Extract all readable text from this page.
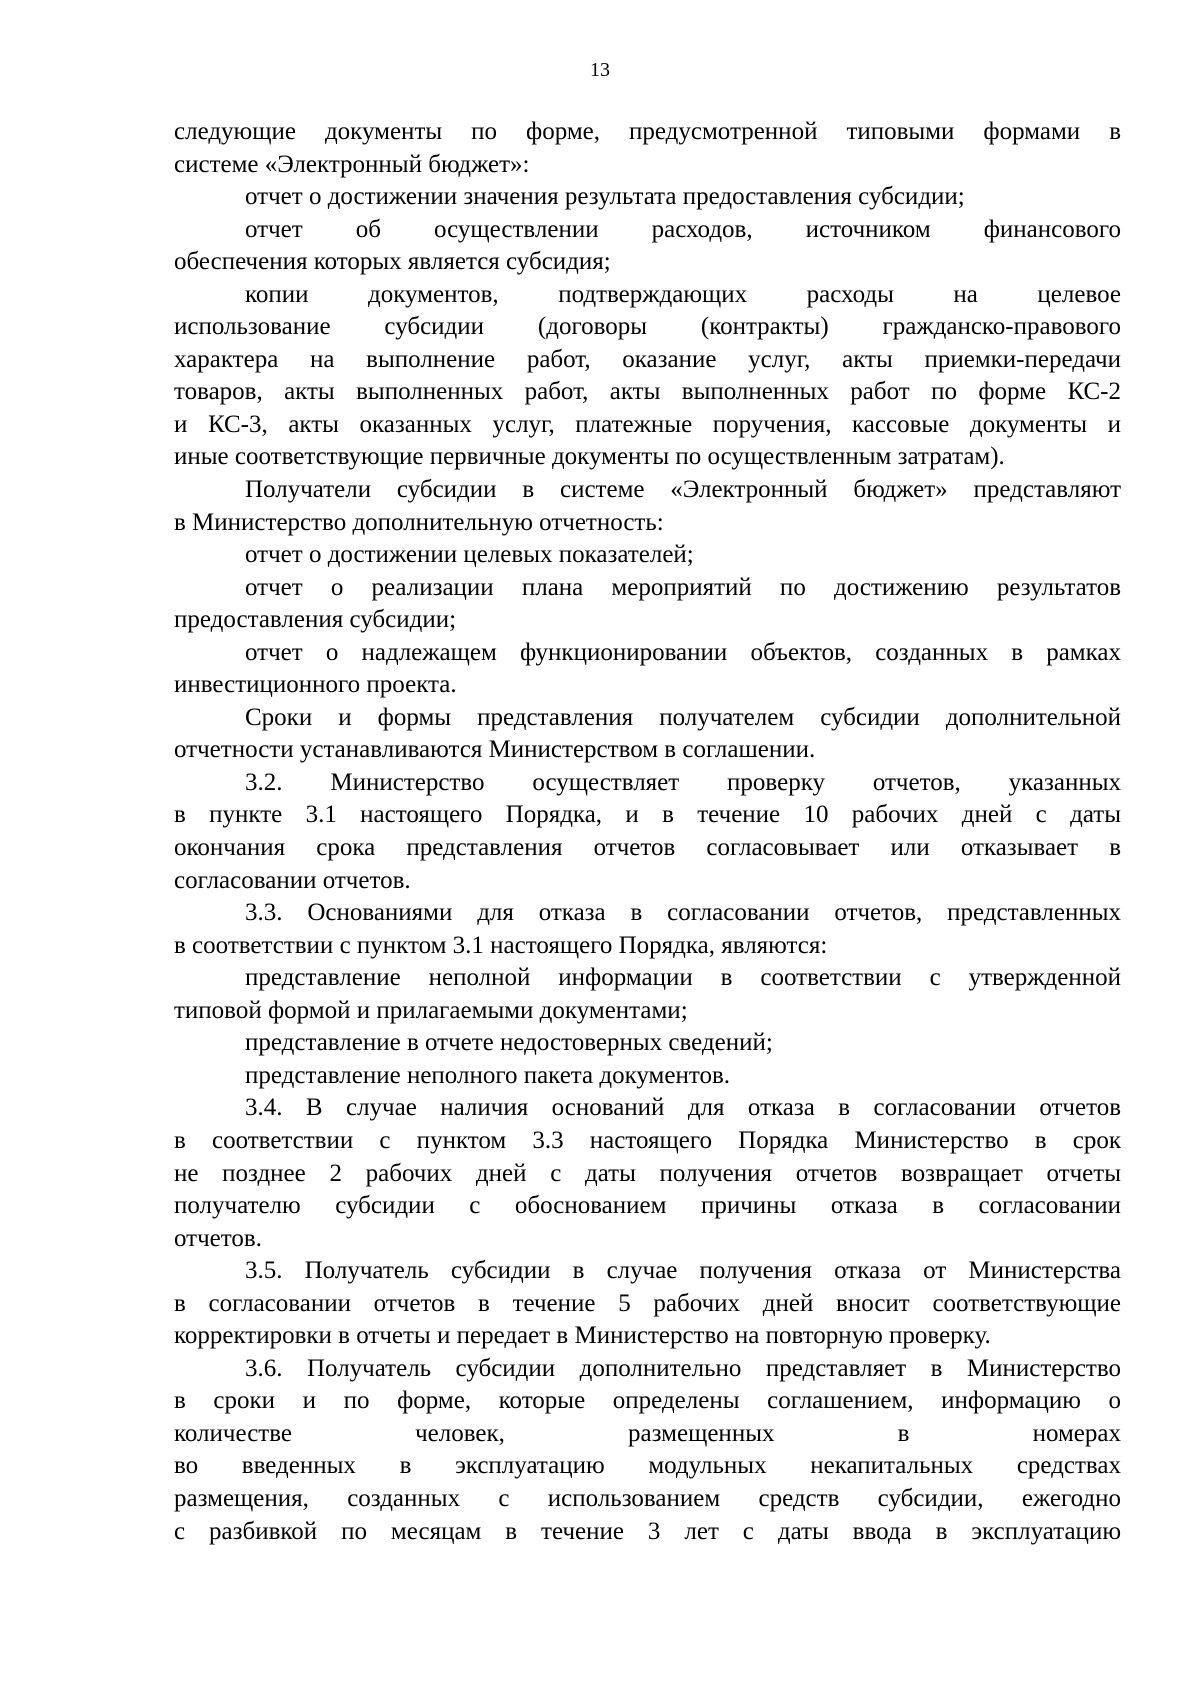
13
следующие документы по форме, предусмотренной типовыми формами в
системе «Электронный бюджет»:
отчет о достижении значения результата предоставления субсидии;
отчет об осуществлении расходов, источником финансового
обеспечения которых является субсидия;
копии документов, подтверждающих расходы на целевое
использование субсидии (договоры (контракты) гражданско-правового
характера на выполнение работ, оказание услуг, акты приемки-передачи
товаров, акты выполненных работ, акты выполненных работ по форме КС-2
и КС-3, акты оказанных услуг, платежные поручения, кассовые документы и
иные соответствующие первичные документы по осуществленным затратам).
Получатели субсидии в системе «Электронный бюджет» представляют
в Министерство дополнительную отчетность:
отчет о достижении целевых показателей;
отчет о реализации плана мероприятий по достижению результатов
предоставления субсидии;
отчет о надлежащем функционировании объектов, созданных в рамках
инвестиционного проекта.
Сроки и формы представления получателем субсидии дополнительной
отчетности устанавливаются Министерством в соглашении.
3.2. Министерство осуществляет проверку отчетов, указанных
в пункте 3.1 настоящего Порядка, и в течение 10 рабочих дней с даты
окончания срока представления отчетов согласовывает или отказывает в
согласовании отчетов.
3.3. Основаниями для отказа в согласовании отчетов, представленных
в соответствии с пунктом 3.1 настоящего Порядка, являются:
представление неполной информации в соответствии с утвержденной
типовой формой и прилагаемыми документами;
представление в отчете недостоверных сведений;
представление неполного пакета документов.
3.4. В случае наличия оснований для отказа в согласовании отчетов
в соответствии с пунктом 3.3 настоящего Порядка Министерство в срок
не позднее 2 рабочих дней с даты получения отчетов возвращает отчеты
получателю субсидии с обоснованием причины отказа в согласовании
отчетов.
3.5. Получатель субсидии в случае получения отказа от Министерства
в согласовании отчетов в течение 5 рабочих дней вносит соответствующие
корректировки в отчеты и передает в Министерство на повторную проверку.
3.6. Получатель субсидии дополнительно представляет в Министерство
в сроки и по форме, которые определены соглашением, информацию о
количестве человек, размещенных в номерах
во введенных в эксплуатацию модульных некапитальных средствах
размещения, созданных с использованием средств субсидии, ежегодно
с разбивкой по месяцам в течение 3 лет с даты ввода в эксплуатацию
